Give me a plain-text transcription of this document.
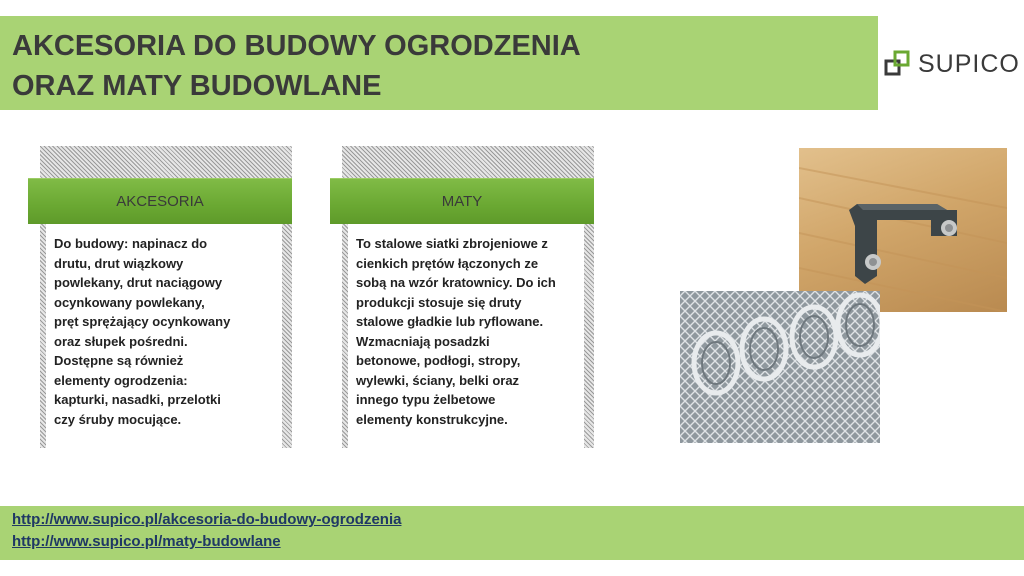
AKCESORIA DO BUDOWY OGRODZENIA
ORAZ MATY BUDOWLANE
SUPICO
Do budowy: napinacz do
drutu, drut wiązkowy
powlekany, drut naciągowy
ocynkowany powlekany,
pręt sprężający ocynkowany
oraz słupek pośredni.
Dostępne są również
elementy ogrodzenia:
kapturki, nasadki, przelotki
czy śruby mocujące.
AKCESORIA
To stalowe siatki zbrojeniowe z
cienkich prętów łączonych ze
sobą na wzór kratownicy. Do ich
produkcji stosuje się druty
stalowe gładkie lub ryflowane.
Wzmacniają posadzki
betonowe, podłogi, stropy,
wylewki, ściany, belki oraz
innego typu żelbetowe
elementy konstrukcyjne.
MATY
http://www.supico.pl/akcesoria-do-budowy-ogrodzenia
http://www.supico.pl/maty-budowlane
